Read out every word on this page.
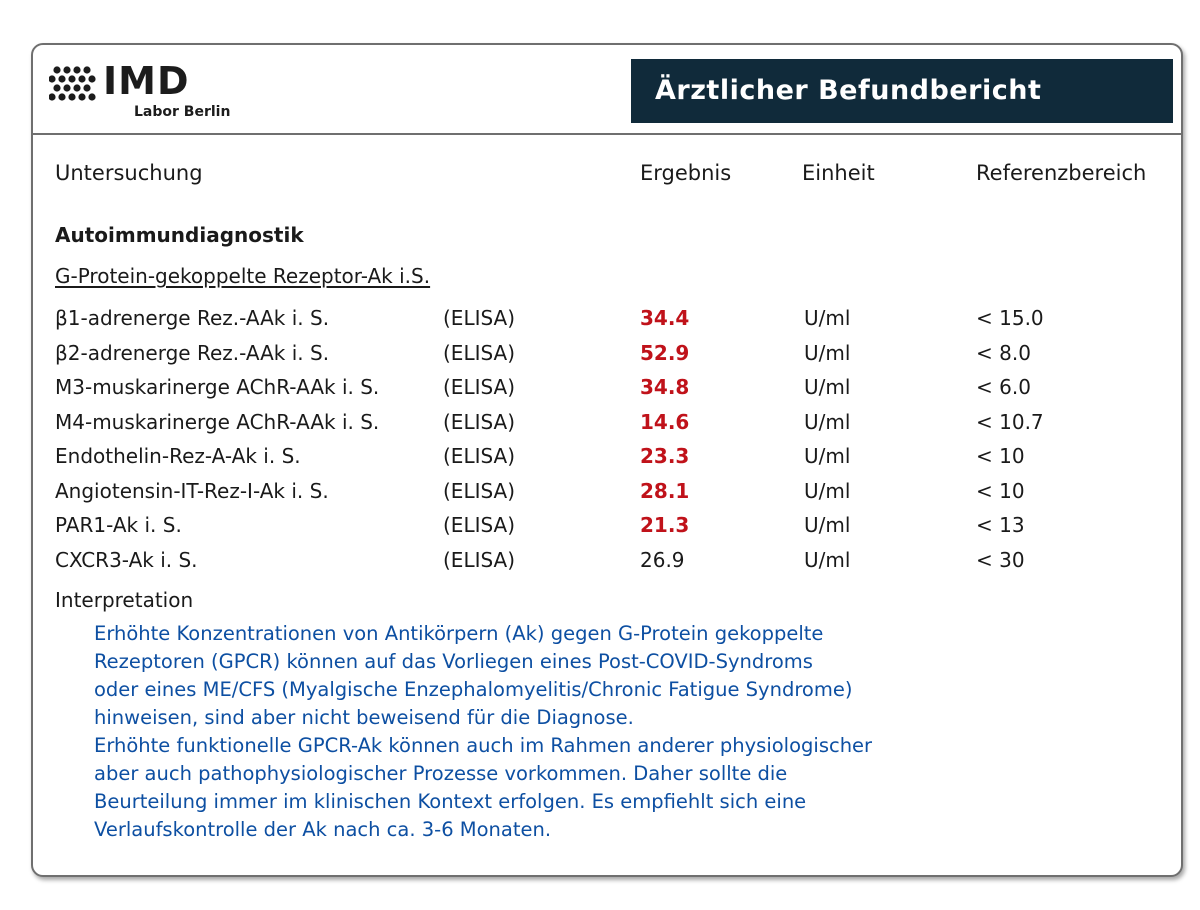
IMD
Labor Berlin
Ärztlicher Befundbericht
Untersuchung	Ergebnis	Einheit	Referenzbereich
Autoimmundiagnostik
G-Protein-gekoppelte Rezeptor-Ak i.S.
β1-adrenerge Rez.-AAk i. S.	(ELISA)	34.4	U/ml	< 15.0
β2-adrenerge Rez.-AAk i. S.	(ELISA)	52.9	U/ml	< 8.0
M3-muskarinerge AChR-AAk i. S.	(ELISA)	34.8	U/ml	< 6.0
M4-muskarinerge AChR-AAk i. S.	(ELISA)	14.6	U/ml	< 10.7
Endothelin-Rez-A-Ak i. S.	(ELISA)	23.3	U/ml	< 10
Angiotensin-IT-Rez-I-Ak i. S.	(ELISA)	28.1	U/ml	< 10
PAR1-Ak i. S.	(ELISA)	21.3	U/ml	< 13
CXCR3-Ak i. S.	(ELISA)	26.9	U/ml	< 30
Interpretation
Erhöhte Konzentrationen von Antikörpern (Ak) gegen G-Protein gekoppelte
Rezeptoren (GPCR) können auf das Vorliegen eines Post-COVID-Syndroms
oder eines ME/CFS (Myalgische Enzephalomyelitis/Chronic Fatigue Syndrome)
hinweisen, sind aber nicht beweisend für die Diagnose.
Erhöhte funktionelle GPCR-Ak können auch im Rahmen anderer physiologischer
aber auch pathophysiologischer Prozesse vorkommen. Daher sollte die
Beurteilung immer im klinischen Kontext erfolgen. Es empfiehlt sich eine
Verlaufskontrolle der Ak nach ca. 3-6 Monaten.
